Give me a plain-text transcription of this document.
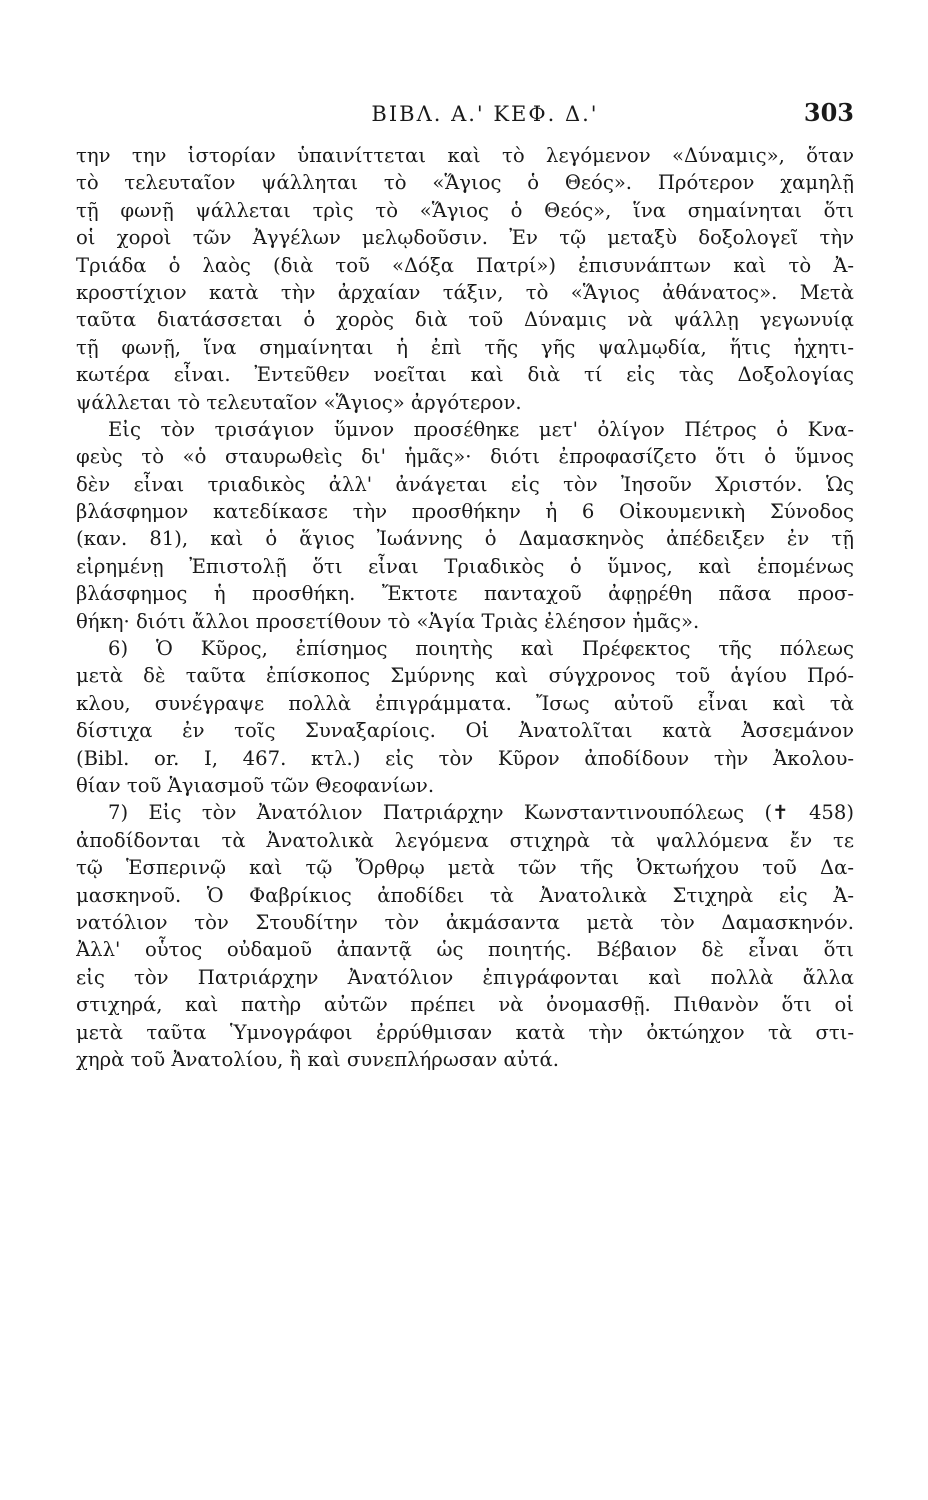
ΒΙΒΛ. Α.' ΚΕΦ. Δ.'	303
την την ἱστορίαν ὑπαινίττεται καὶ τὸ λεγόμενον «Δύναμις», ὅταν
τὸ τελευταῖον ψάλληται τὸ «Ἅγιος ὁ Θεός». Πρότερον χαμηλῇ
τῇ φωνῇ ψάλλεται τρὶς τὸ «Ἅγιος ὁ Θεός», ἵνα σημαίνηται ὅτι
οἱ χοροὶ τῶν Ἀγγέλων μελῳδοῦσιν. Ἐν τῷ μεταξὺ δοξολογεῖ τὴν
Τριάδα ὁ λαὸς (διὰ τοῦ «Δόξα Πατρί») ἐπισυνάπτων καὶ τὸ Ἀ-
κροστίχιον κατὰ τὴν ἀρχαίαν τάξιν, τὸ «Ἅγιος ἀθάνατος». Μετὰ
ταῦτα διατάσσεται ὁ χορὸς διὰ τοῦ Δύναμις νὰ ψάλλῃ γεγωνυίᾳ
τῇ φωνῇ, ἵνα σημαίνηται ἡ ἐπὶ τῆς γῆς ψαλμῳδία, ἥτις ἠχητι-
κωτέρα εἶναι. Ἐντεῦθεν νοεῖται καὶ διὰ τί εἰς τὰς Δοξολογίας
ψάλλεται τὸ τελευταῖον «Ἅγιος» ἀργότερον.
Εἰς τὸν τρισάγιον ὕμνον προσέθηκε μετ' ὀλίγον Πέτρος ὁ Κνα-
φεὺς τὸ «ὁ σταυρωθεὶς δι' ἡμᾶς»· διότι ἐπροφασίζετο ὅτι ὁ ὕμνος
δὲν εἶναι τριαδικὸς ἀλλ' ἀνάγεται εἰς τὸν Ἰησοῦν Χριστόν. Ὡς
βλάσφημον κατεδίκασε τὴν προσθήκην ἡ 6 Οἰκουμενικὴ Σύνοδος
(καν. 81), καὶ ὁ ἅγιος Ἰωάννης ὁ Δαμασκηνὸς ἀπέδειξεν ἐν τῇ
εἰρημένῃ Ἐπιστολῇ ὅτι εἶναι Τριαδικὸς ὁ ὕμνος, καὶ ἑπομένως
βλάσφημος ἡ προσθήκη. Ἔκτοτε πανταχοῦ ἀφῃρέθη πᾶσα προσ-
θήκη· διότι ἄλλοι προσετίθουν τὸ «Ἁγία Τριὰς ἐλέησον ἡμᾶς».
6) Ὁ Κῦρος, ἐπίσημος ποιητὴς καὶ Πρέφεκτος τῆς πόλεως
μετὰ δὲ ταῦτα ἐπίσκοπος Σμύρνης καὶ σύγχρονος τοῦ ἁγίου Πρό-
κλου, συνέγραψε πολλὰ ἐπιγράμματα. Ἴσως αὐτοῦ εἶναι καὶ τὰ
δίστιχα ἐν τοῖς Συναξαρίοις. Οἱ Ἀνατολῖται κατὰ Ἀσσεμάνον
(Bibl. or. I, 467. κτλ.) εἰς τὸν Κῦρον ἀποδίδουν τὴν Ἀκολου-
θίαν τοῦ Ἁγιασμοῦ τῶν Θεοφανίων.
7) Εἰς τὸν Ἀνατόλιον Πατριάρχην Κωνσταντινουπόλεως (✝ 458)
ἀποδίδονται τὰ Ἀνατολικὰ λεγόμενα στιχηρὰ τὰ ψαλλόμενα ἔν τε
τῷ Ἑσπερινῷ καὶ τῷ Ὄρθρῳ μετὰ τῶν τῆς Ὀκτωήχου τοῦ Δα-
μασκηνοῦ. Ὁ Φαβρίκιος ἀποδίδει τὰ Ἀνατολικὰ Στιχηρὰ εἰς Ἀ-
νατόλιον τὸν Στουδίτην τὸν ἀκμάσαντα μετὰ τὸν Δαμασκηνόν.
Ἀλλ' οὗτος οὐδαμοῦ ἀπαντᾷ ὡς ποιητής. Βέβαιον δὲ εἶναι ὅτι
εἰς τὸν Πατριάρχην Ἀνατόλιον ἐπιγράφονται καὶ πολλὰ ἄλλα
στιχηρά, καὶ πατὴρ αὐτῶν πρέπει νὰ ὀνομασθῇ. Πιθανὸν ὅτι οἱ
μετὰ ταῦτα Ὑμνογράφοι ἐρρύθμισαν κατὰ τὴν ὀκτώηχον τὰ στι-
χηρὰ τοῦ Ἀνατολίου, ἢ καὶ συνεπλήρωσαν αὐτά.
